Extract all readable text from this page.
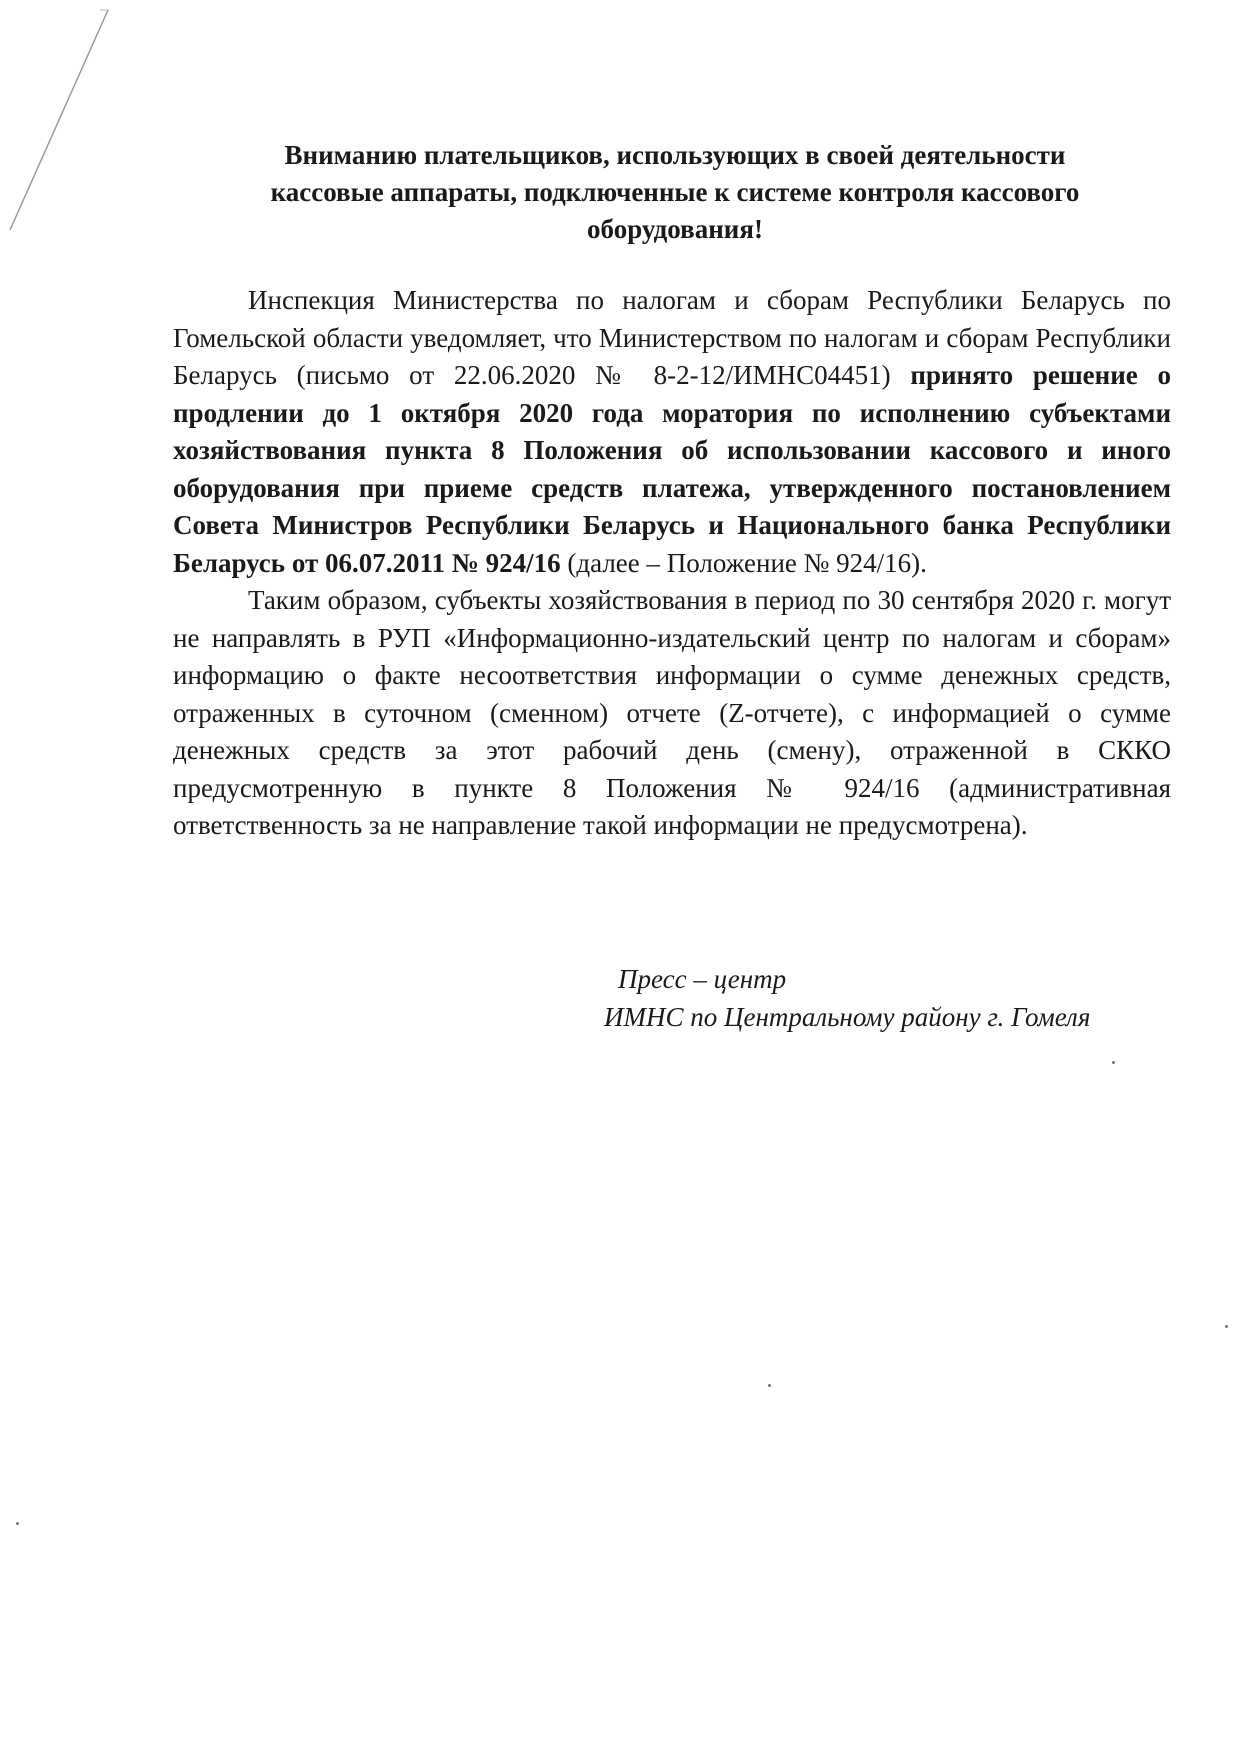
Вниманию плательщиков, использующих в своей деятельности
кассовые аппараты, подключенные к системе контроля кассового
оборудования!

Инспекция Министерства по налогам и сборам Республики Беларусь по Гомельской области уведомляет, что Министерством по налогам и сборам Республики Беларусь (письмо от 22.06.2020 № 8-2-12/ИМНС04451) принято решение о продлении до 1 октября 2020 года моратория по исполнению субъектами хозяйствования пункта 8 Положения об использовании кассового и иного оборудования при приеме средств платежа, утвержденного постановлением Совета Министров Республики Беларусь и Национального банка Республики Беларусь от 06.07.2011 № 924/16 (далее – Положение № 924/16).

Таким образом, субъекты хозяйствования в период по 30 сентября 2020 г. могут не направлять в РУП «Информационно-издательский центр по налогам и сборам» информацию о факте несоответствия информации о сумме денежных средств, отраженных в суточном (сменном) отчете (Z-отчете), с информацией о сумме денежных средств за этот рабочий день (смену), отраженной в СККО предусмотренную в пункте 8 Положения № 924/16 (административная ответственность за не направление такой информации не предусмотрена).

Пресс – центр
ИМНС по Центральному району г. Гомеля
